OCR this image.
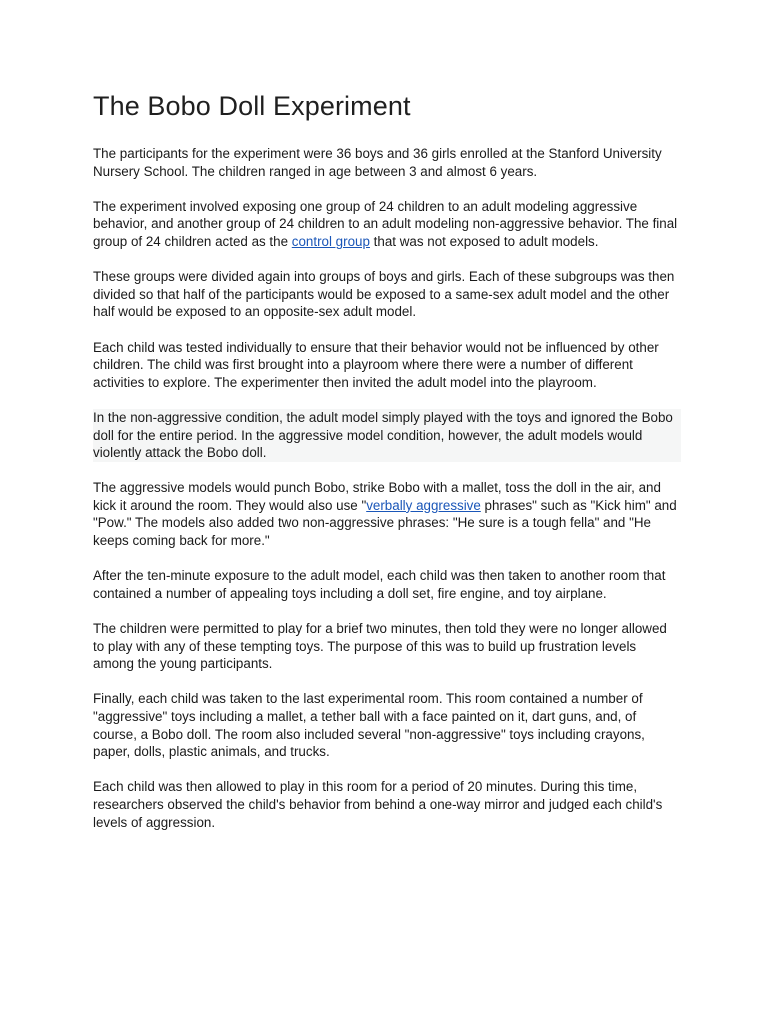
The Bobo Doll Experiment

The participants for the experiment were 36 boys and 36 girls enrolled at the Stanford University Nursery School. The children ranged in age between 3 and almost 6 years.

The experiment involved exposing one group of 24 children to an adult modeling aggressive behavior, and another group of 24 children to an adult modeling non-aggressive behavior. The final group of 24 children acted as the control group that was not exposed to adult models.

These groups were divided again into groups of boys and girls. Each of these subgroups was then divided so that half of the participants would be exposed to a same-sex adult model and the other half would be exposed to an opposite-sex adult model.

Each child was tested individually to ensure that their behavior would not be influenced by other children. The child was first brought into a playroom where there were a number of different activities to explore. The experimenter then invited the adult model into the playroom.

In the non-aggressive condition, the adult model simply played with the toys and ignored the Bobo doll for the entire period. In the aggressive model condition, however, the adult models would violently attack the Bobo doll.

The aggressive models would punch Bobo, strike Bobo with a mallet, toss the doll in the air, and kick it around the room. They would also use "verbally aggressive phrases" such as "Kick him" and "Pow." The models also added two non-aggressive phrases: "He sure is a tough fella" and "He keeps coming back for more."

After the ten-minute exposure to the adult model, each child was then taken to another room that contained a number of appealing toys including a doll set, fire engine, and toy airplane.

The children were permitted to play for a brief two minutes, then told they were no longer allowed to play with any of these tempting toys. The purpose of this was to build up frustration levels among the young participants.

Finally, each child was taken to the last experimental room. This room contained a number of "aggressive" toys including a mallet, a tether ball with a face painted on it, dart guns, and, of course, a Bobo doll. The room also included several "non-aggressive" toys including crayons, paper, dolls, plastic animals, and trucks.

Each child was then allowed to play in this room for a period of 20 minutes. During this time, researchers observed the child's behavior from behind a one-way mirror and judged each child's levels of aggression.
